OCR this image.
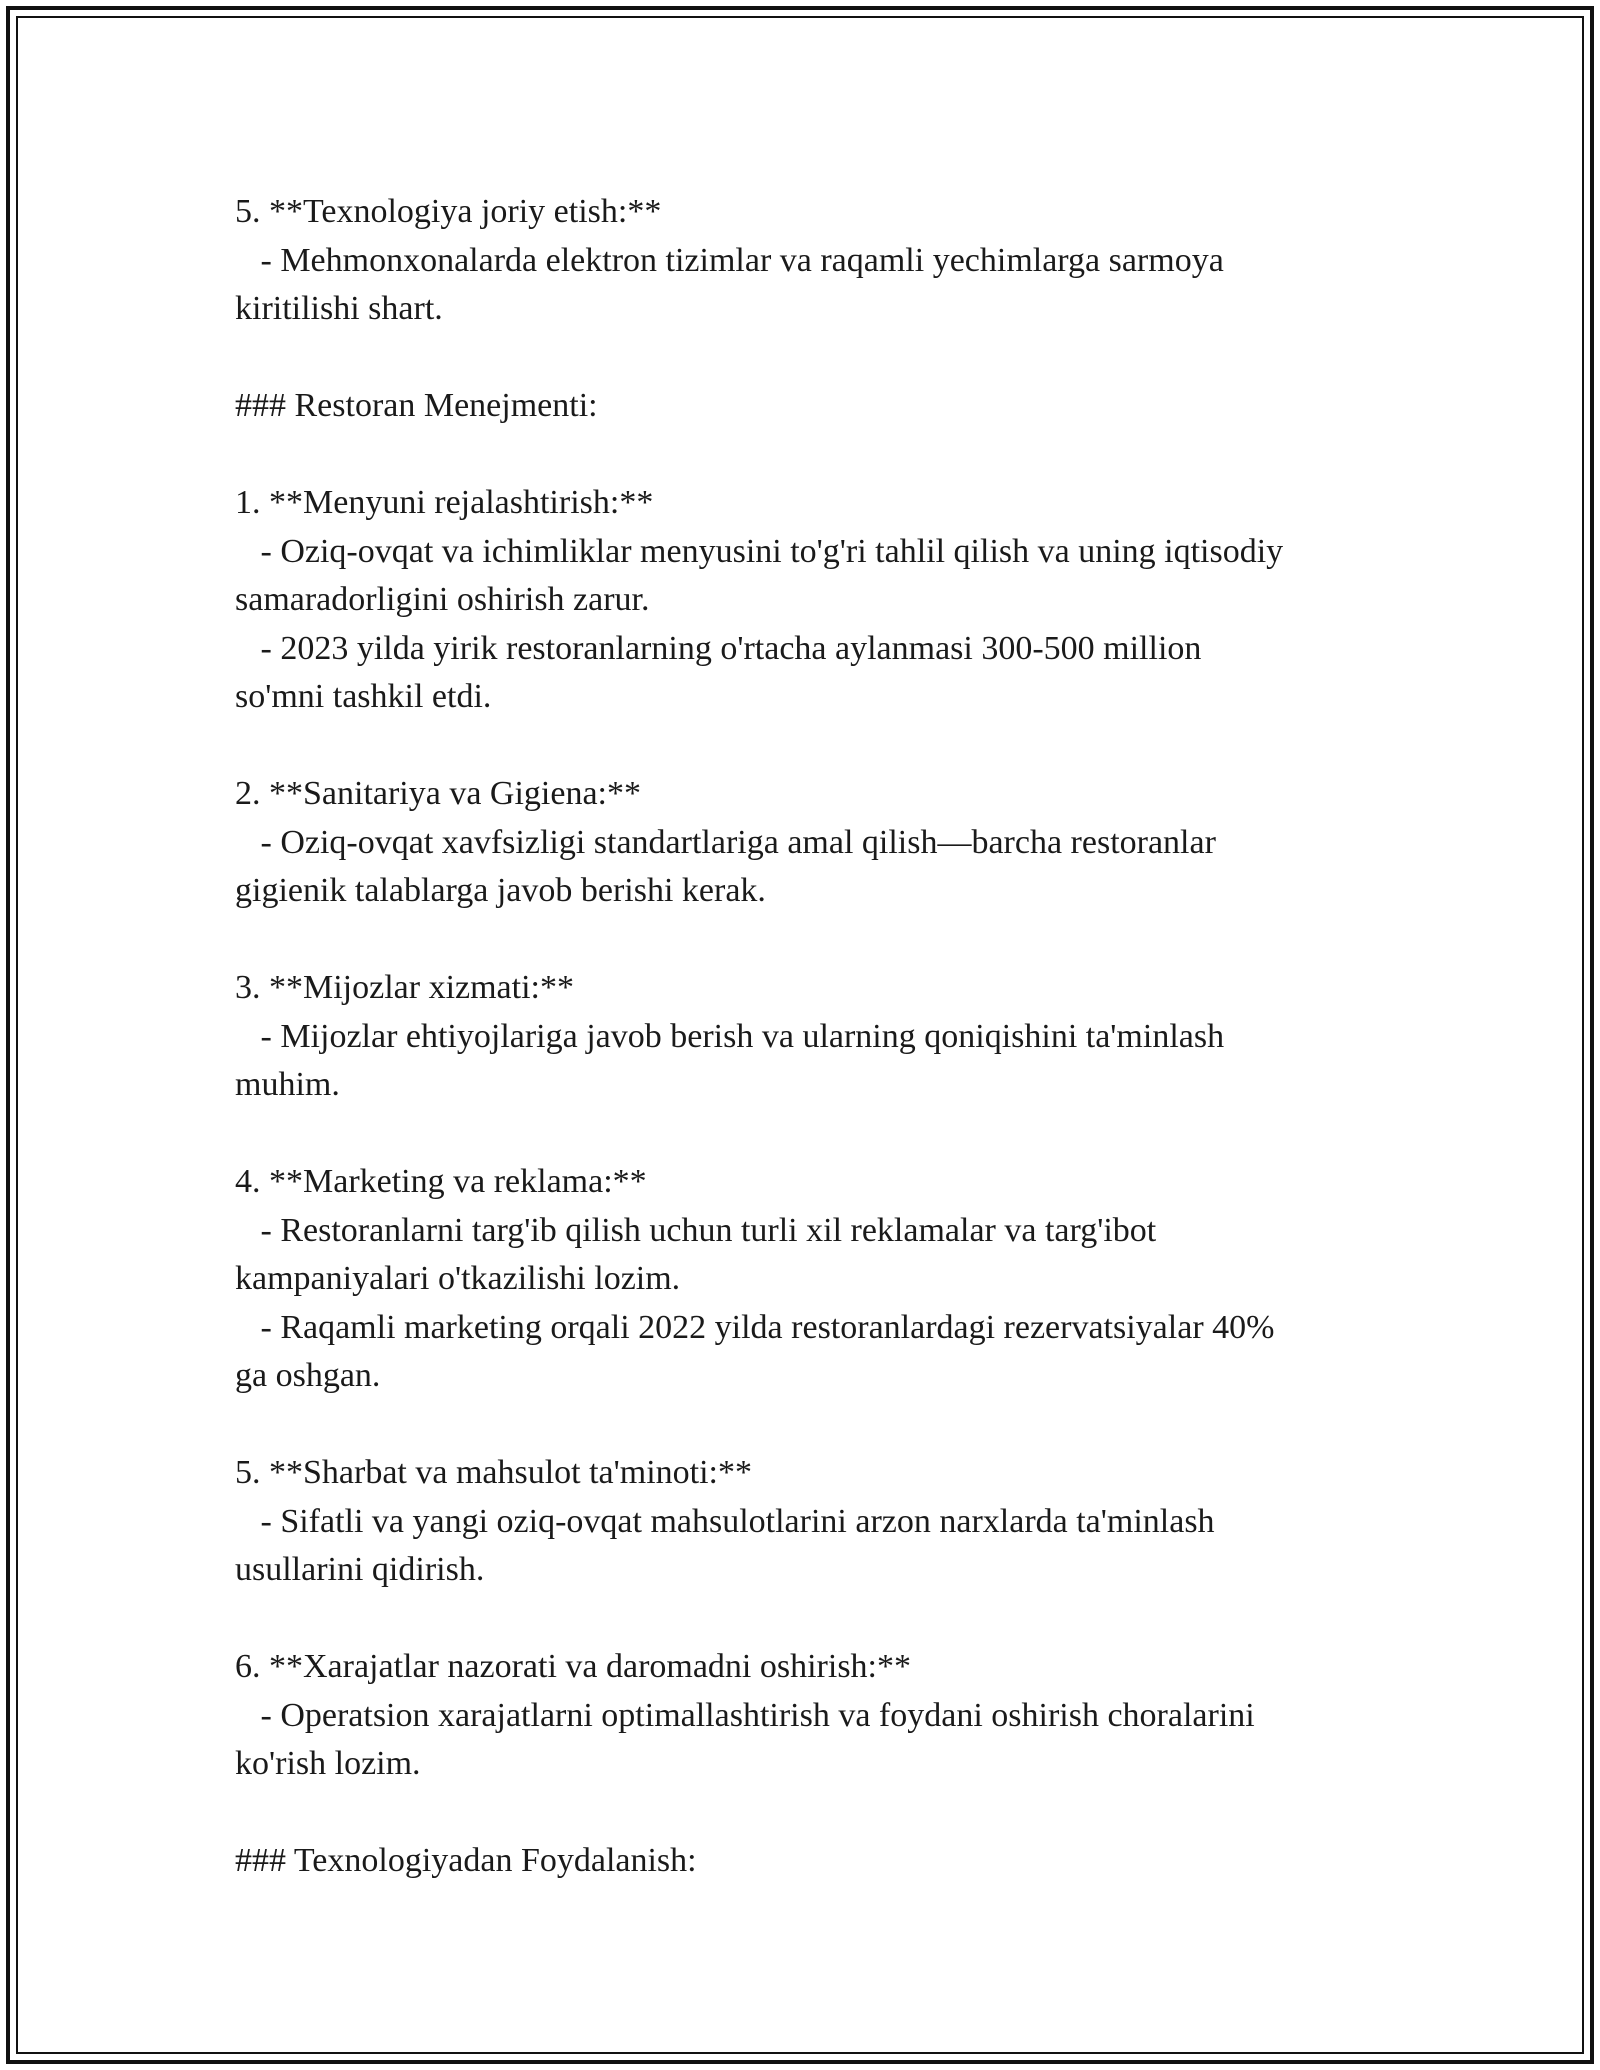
5. **Texnologiya joriy etish:**

- Mehmonxonalarda elektron tizimlar va raqamli yechimlarga sarmoya

kiritilishi shart.

### Restoran Menejmenti:

1. **Menyuni rejalashtirish:**

- Oziq-ovqat va ichimliklar menyusini to'g'ri tahlil qilish va uning iqtisodiy

samaradorligini oshirish zarur.

- 2023 yilda yirik restoranlarning o'rtacha aylanmasi 300-500 million

so'mni tashkil etdi.

2. **Sanitariya va Gigiena:**

- Oziq-ovqat xavfsizligi standartlariga amal qilish—barcha restoranlar

gigienik talablarga javob berishi kerak.

3. **Mijozlar xizmati:**

- Mijozlar ehtiyojlariga javob berish va ularning qoniqishini ta'minlash

muhim.

4. **Marketing va reklama:**

- Restoranlarni targ'ib qilish uchun turli xil reklamalar va targ'ibot

kampaniyalari o'tkazilishi lozim.

- Raqamli marketing orqali 2022 yilda restoranlardagi rezervatsiyalar 40%

ga oshgan.

5. **Sharbat va mahsulot ta'minoti:**

- Sifatli va yangi oziq-ovqat mahsulotlarini arzon narxlarda ta'minlash

usullarini qidirish.

6. **Xarajatlar nazorati va daromadni oshirish:**

- Operatsion xarajatlarni optimallashtirish va foydani oshirish choralarini

ko'rish lozim.

### Texnologiyadan Foydalanish:
